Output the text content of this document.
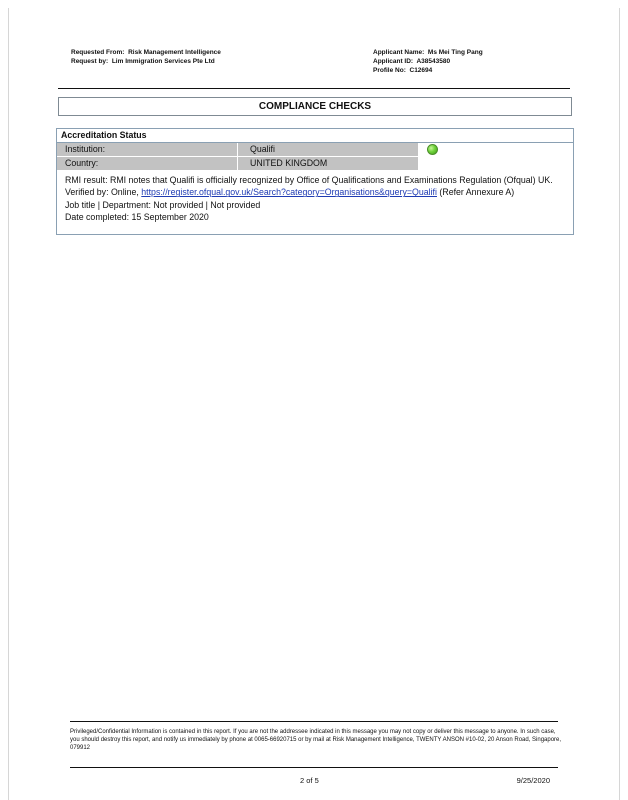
Requested From: Risk Management Intelligence
Request by: Lim Immigration Services Pte Ltd
Applicant Name: Ms Mei Ting Pang
Applicant ID: A38543580
Profile No: C12694
COMPLIANCE CHECKS
Accreditation Status
Institution:	Qualifi
Country:	UNITED KINGDOM
RMI result: RMI notes that Qualifi is officially recognized by Office of Qualifications and Examinations Regulation (Ofqual) UK.
Verified by: Online, https://register.ofqual.gov.uk/Search?category=Organisations&query=Qualifi (Refer Annexure A)
Job title | Department: Not provided | Not provided
Date completed: 15 September 2020
Privileged/Confidential Information is contained in this report. If you are not the addressee indicated in this message you may not copy or deliver this message to anyone. In such case, you should destroy this report, and notify us immediately by phone at 0065-66920715 or by mail at Risk Management Intelligence, TWENTY ANSON #10-02, 20 Anson Road, Singapore, 079912
2 of 5	9/25/2020
